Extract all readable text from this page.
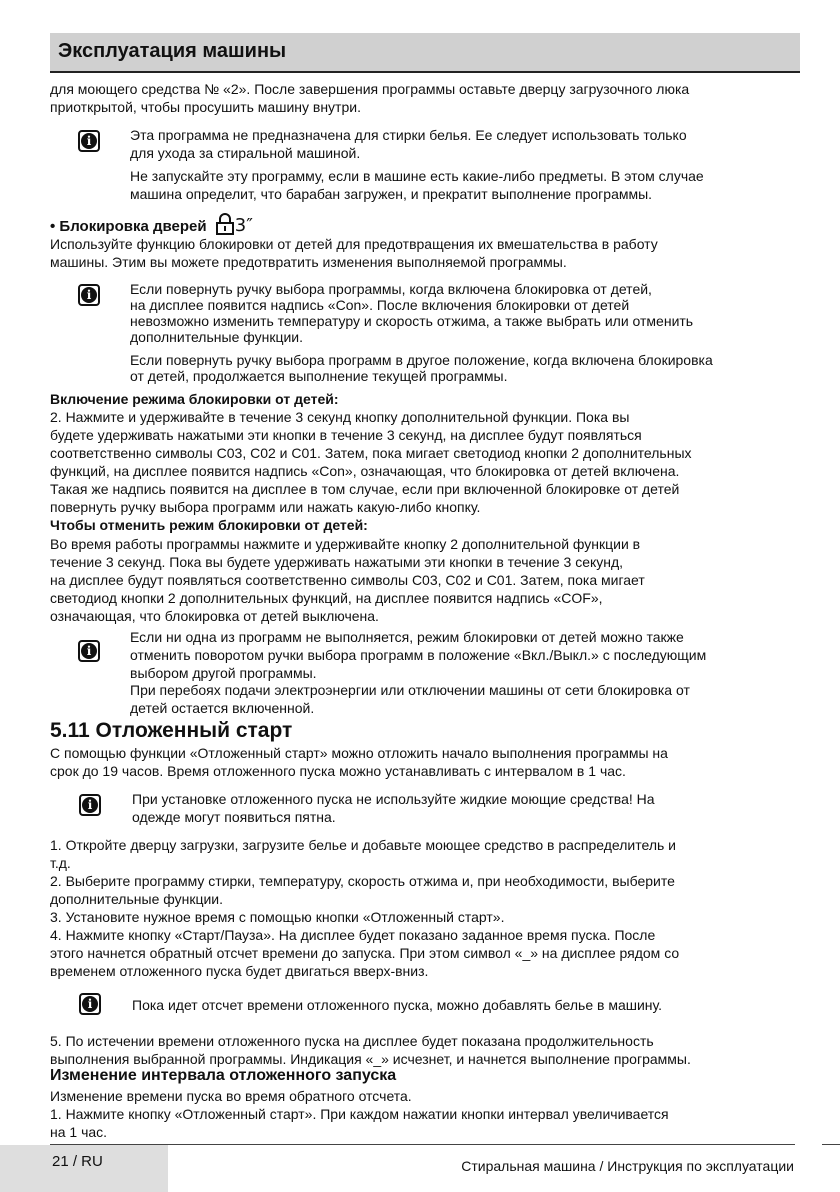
Эксплуатация машины

для моющего средства № «2». После завершения программы оставьте дверцу загрузочного люка

приоткрытой, чтобы просушить машину внутри.

i	Эта программа не предназначена для стирки белья. Ее следует использовать только

для ухода за стиральной машиной.

Не запускайте эту программу, если в машине есть какие-либо предметы. В этом случае

машина определит, что барабан загружен, и прекратит выполнение программы.

• Блокировка дверей 3″

Используйте функцию блокировки от детей для предотвращения их вмешательства в работу

машины. Этим вы можете предотвратить изменения выполняемой программы.

i	Если повернуть ручку выбора программы, когда включена блокировка от детей,

на дисплее появится надпись «Con». После включения блокировки от детей

невозможно изменить температуру и скорость отжима, а также выбрать или отменить

дополнительные функции.

Если повернуть ручку выбора программ в другое положение, когда включена блокировка

от детей, продолжается выполнение текущей программы.

Включение режима блокировки от детей:

2. Нажмите и удерживайте в течение 3 секунд кнопку дополнительной функции. Пока вы

будете удерживать нажатыми эти кнопки в течение 3 секунд, на дисплее будут появляться

соответственно символы C03, C02 и C01. Затем, пока мигает светодиод кнопки 2 дополнительных

функций, на дисплее появится надпись «Con», означающая, что блокировка от детей включена.

Такая же надпись появится на дисплее в том случае, если при включенной блокировке от детей

повернуть ручку выбора программ или нажать какую-либо кнопку.

Чтобы отменить режим блокировки от детей:

Во время работы программы нажмите и удерживайте кнопку 2 дополнительной функции в

течение 3 секунд. Пока вы будете удерживать нажатыми эти кнопки в течение 3 секунд,

на дисплее будут появляться соответственно символы C03, C02 и C01. Затем, пока мигает

светодиод кнопки 2 дополнительных функций, на дисплее появится надпись «COF»,

означающая, что блокировка от детей выключена.

i

Если ни одна из программ не выполняется, режим блокировки от детей можно также

отменить поворотом ручки выбора программ в положение «Вкл./Выкл.» с последующим

выбором другой программы.

При перебоях подачи электроэнергии или отключении машины от сети блокировка от

детей остается включенной.

5.11 Отложенный старт

С помощью функции «Отложенный старт» можно отложить начало выполнения программы на

срок до 19 часов. Время отложенного пуска можно устанавливать с интервалом в 1 час.

i	При установке отложенного пуска не используйте жидкие моющие средства! На

одежде могут появиться пятна.

1. Откройте дверцу загрузки, загрузите белье и добавьте моющее средство в распределитель и

т.д.

2. Выберите программу стирки, температуру, скорость отжима и, при необходимости, выберите

дополнительные функции.

3. Установите нужное время с помощью кнопки «Отложенный старт».

4. Нажмите кнопку «Старт/Пауза». На дисплее будет показано заданное время пуска. После

этого начнется обратный отсчет времени до запуска. При этом символ «_» на дисплее рядом со

временем отложенного пуска будет двигаться вверх-вниз.

i	Пока идет отсчет времени отложенного пуска, можно добавлять белье в машину.

5. По истечении времени отложенного пуска на дисплее будет показана продолжительность

выполнения выбранной программы. Индикация «_» исчезнет, и начнется выполнение программы.

Изменение интервала отложенного запуска

Изменение времени пуска во время обратного отсчета.

1. Нажмите кнопку «Отложенный старт». При каждом нажатии кнопки интервал увеличивается

на 1 час.

21 / RU	Стиральная машина / Инструкция по эксплуатации
